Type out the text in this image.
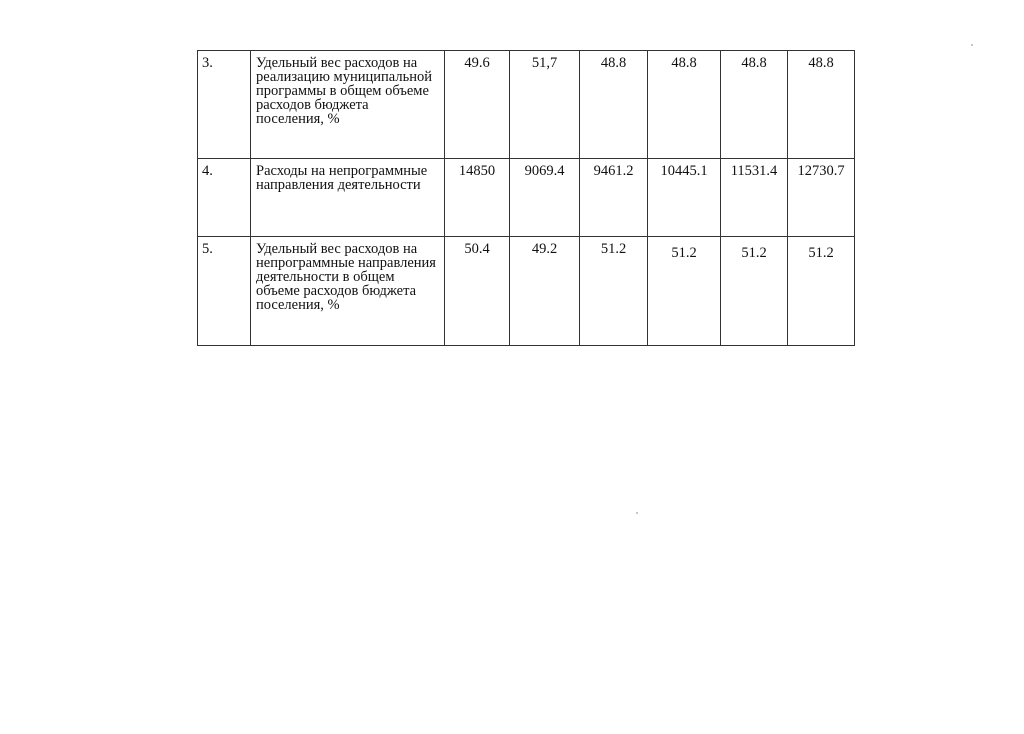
3.	Удельный вес расходов на реализацию муниципальной программы в общем объеме расходов бюджета поселения, %	49.6	51,7	48.8	48.8	48.8	48.8
4.	Расходы на непрограммные направления деятельности	14850	9069.4	9461.2	10445.1	11531.4	12730.7
5.	Удельный вес расходов на непрограммные направления деятельности в общем объеме расходов бюджета поселения, %	50.4	49.2	51.2	51.2	51.2	51.2
